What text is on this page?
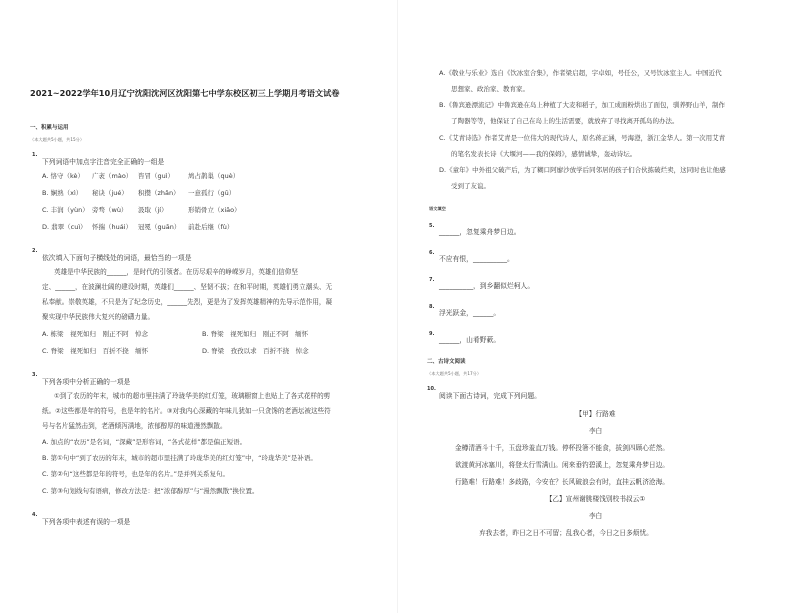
2021~2022学年10月辽宁沈阳沈河区沈阳第七中学东校区初三上学期月考语文试卷
一、积累与运用
（本大题共5小题，共15分）
1.
下列词语中加点字注音完全正确的一组是
A. 恪守（kè） 广袤（mào） 咨冒（guì） 鸠占鹊巢（què）
B. 娴熟（xì） 秘诀（jué） 积攒（zhǎn） 一意孤行（gū）
C. 丰润（yùn） 旁骛（wù） 汲取（jí）	形销骨立（xiāo）
D. 翡翠（cuì） 怀揣（huái） 冠冕（guān） 前赴后继（fù）
2.
依次填入下面句子横线处的词语，最恰当的一项是
英雄是中华民族的______，是时代的引领者。在历尽艰辛的峥嵘岁月，英雄们信仰坚
定、______，在波澜壮阔的建设时期，英雄们______、坚韧不拔；在和平时期，英雄们勇立潮头、无
私奉献。崇敬英雄，不只是为了纪念历史，______先烈，更是为了发挥英雄精神的先导示范作用，凝
聚实现中华民族伟大复兴的磅礴力量。
A. 栋梁　视死如归　刚正不阿　悼念	B. 脊梁　视死如归　刚正不阿　缅怀
C. 脊梁　视死如归　百折不挠　缅怀	D. 脊梁　孜孜以求　百折不挠　悼念
3.
下列各项中分析正确的一项是
①到了农历的年末，城市的超市里挂满了玲珑华美的红灯笼，玻璃橱窗上也贴上了各式花样的剪
纸。②这些都是年的符号，也是年的名片。③对我内心深藏的年味儿犹如一只贪馋的老酒坛被这些符
号与名片猛然击到，老酒倾泻满地，浓郁醇厚的味道漫然飘散。
A. 加点的“农历”是名词，“深藏”是形容词，“各式花样”都是偏正短语。
B. 第①句中“到了农历的年末，城市的超市里挂满了玲珑华美的红灯笼”中，“玲珑华美”是补语。
C. 第②句“这些都是年的符号，也是年的名片。”是并列关系复句。
C. 第③句划线句有语病，修改方法是：把“浓郁醇厚”与“漫然飘散”换位置。
4.
下列各项中表述有误的一项是
A.《敬业与乐业》选自《饮冰室合集》，作者梁启超，字卓如，号任公，又号饮冰室主人。中国近代
思想家、政治家、教育家。
B.《鲁宾逊漂流记》中鲁宾逊在岛上种植了大麦和稻子，加工成面粉烘出了面包，驯养野山羊，制作
了陶器等等，他保证了自己在岛上的生活需要，就放弃了寻找离开孤岛的办法。
C.《艾青诗选》作者艾青是一位伟大的现代诗人，原名蒋正涵，号海澄，浙江金华人。第一次用艾青
的笔名发表长诗《大堰河——我的保姆》，感情诚挚，轰动诗坛。
D.《童年》中外祖父破产后，为了糊口阿廖沙放学后同邻居的孩子们合伙拣破烂卖，这同时也让他感
受到了友谊。
语文填空
5.
______，忽复乘舟梦日边。
6.
不应有恨，__________。
7.
__________，到乡翻似烂柯人。
8.
浮光跃金，______。
9.
______，山肴野蔌。
二、古诗文阅读
（本大题共5小题，共17分）
10.
阅读下面古诗词，完成下列问题。
【甲】行路难
李白
金樽清酒斗十千，玉盘珍羞直万钱。停杯投箸不能食，拔剑四顾心茫然。
欲渡黄河冰塞川，将登太行雪满山。闲来垂钓碧溪上，忽复乘舟梦日边。
行路难！行路难！多歧路，今安在？长风破浪会有时，直挂云帆济沧海。
【乙】宣州谢朓楼饯别校书叔云①
李白
弃我去者，昨日之日不可留；乱我心者，今日之日多烦忧。
